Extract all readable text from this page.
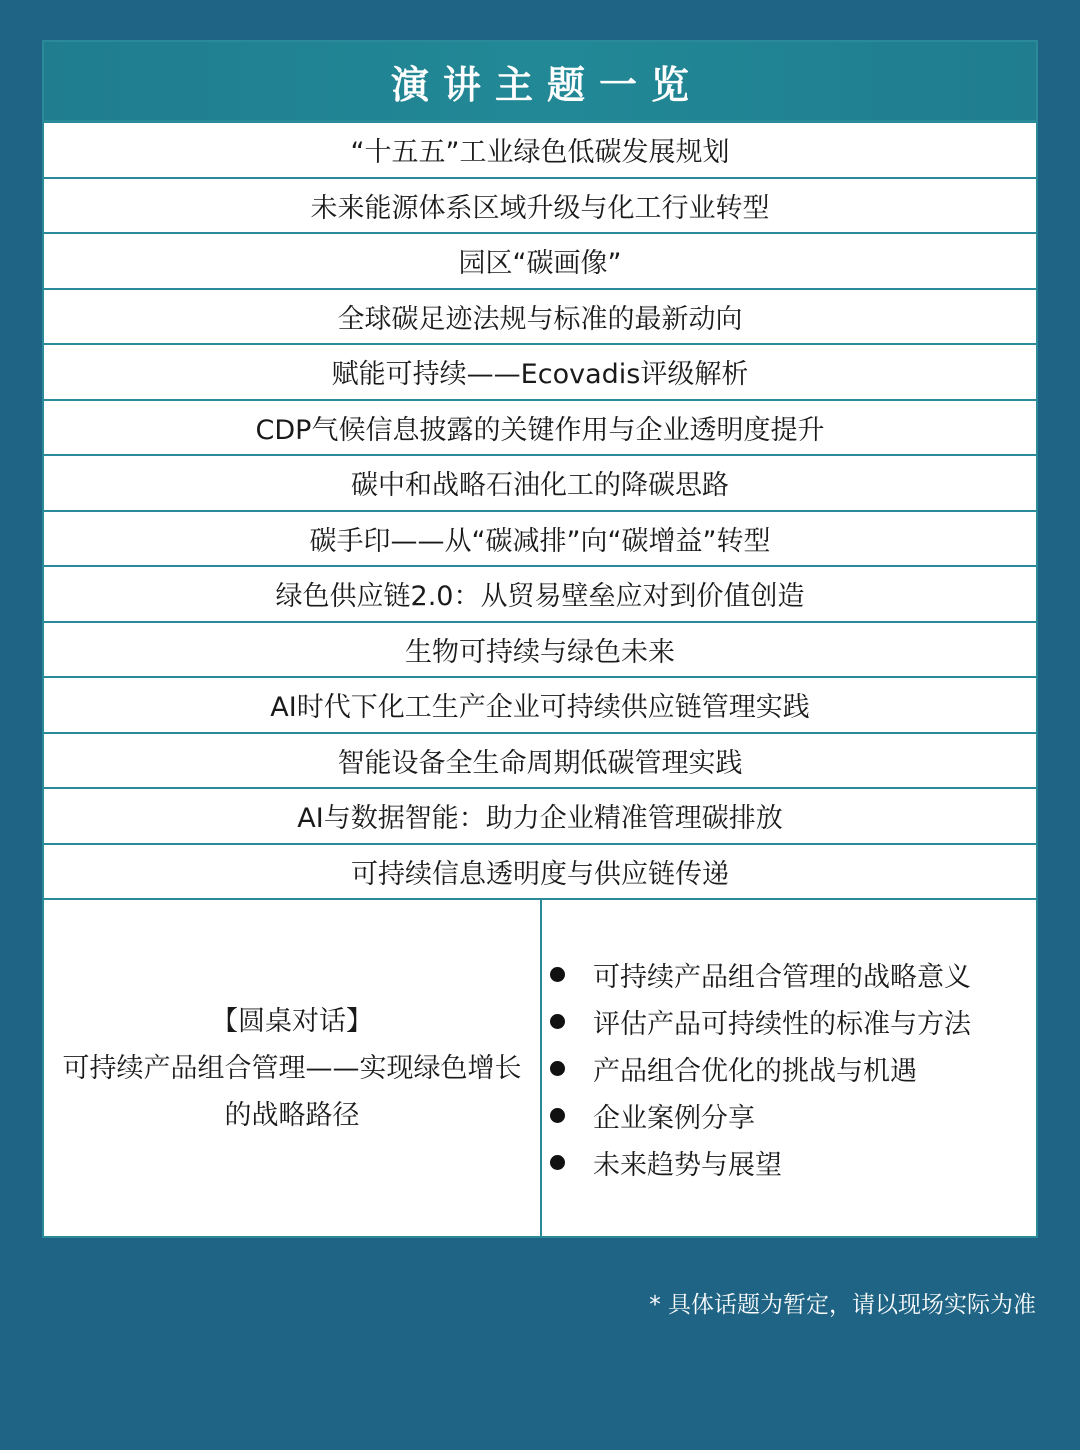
演讲主题一览
“十五五”工业绿色低碳发展规划
未来能源体系区域升级与化工行业转型
园区“碳画像”
全球碳足迹法规与标准的最新动向
赋能可持续——Ecovadis评级解析
CDP气候信息披露的关键作用与企业透明度提升
碳中和战略石油化工的降碳思路
碳手印——从“碳减排”向“碳增益”转型
绿色供应链2.0：从贸易壁垒应对到价值创造
生物可持续与绿色未来
AI时代下化工生产企业可持续供应链管理实践
智能设备全生命周期低碳管理实践
AI与数据智能：助力企业精准管理碳排放
可持续信息透明度与供应链传递
【圆桌对话】
可持续产品组合管理——实现绿色增长
的战略路径
可持续产品组合管理的战略意义
评估产品可持续性的标准与方法
产品组合优化的挑战与机遇
企业案例分享
未来趋势与展望
* 具体话题为暂定，请以现场实际为准
